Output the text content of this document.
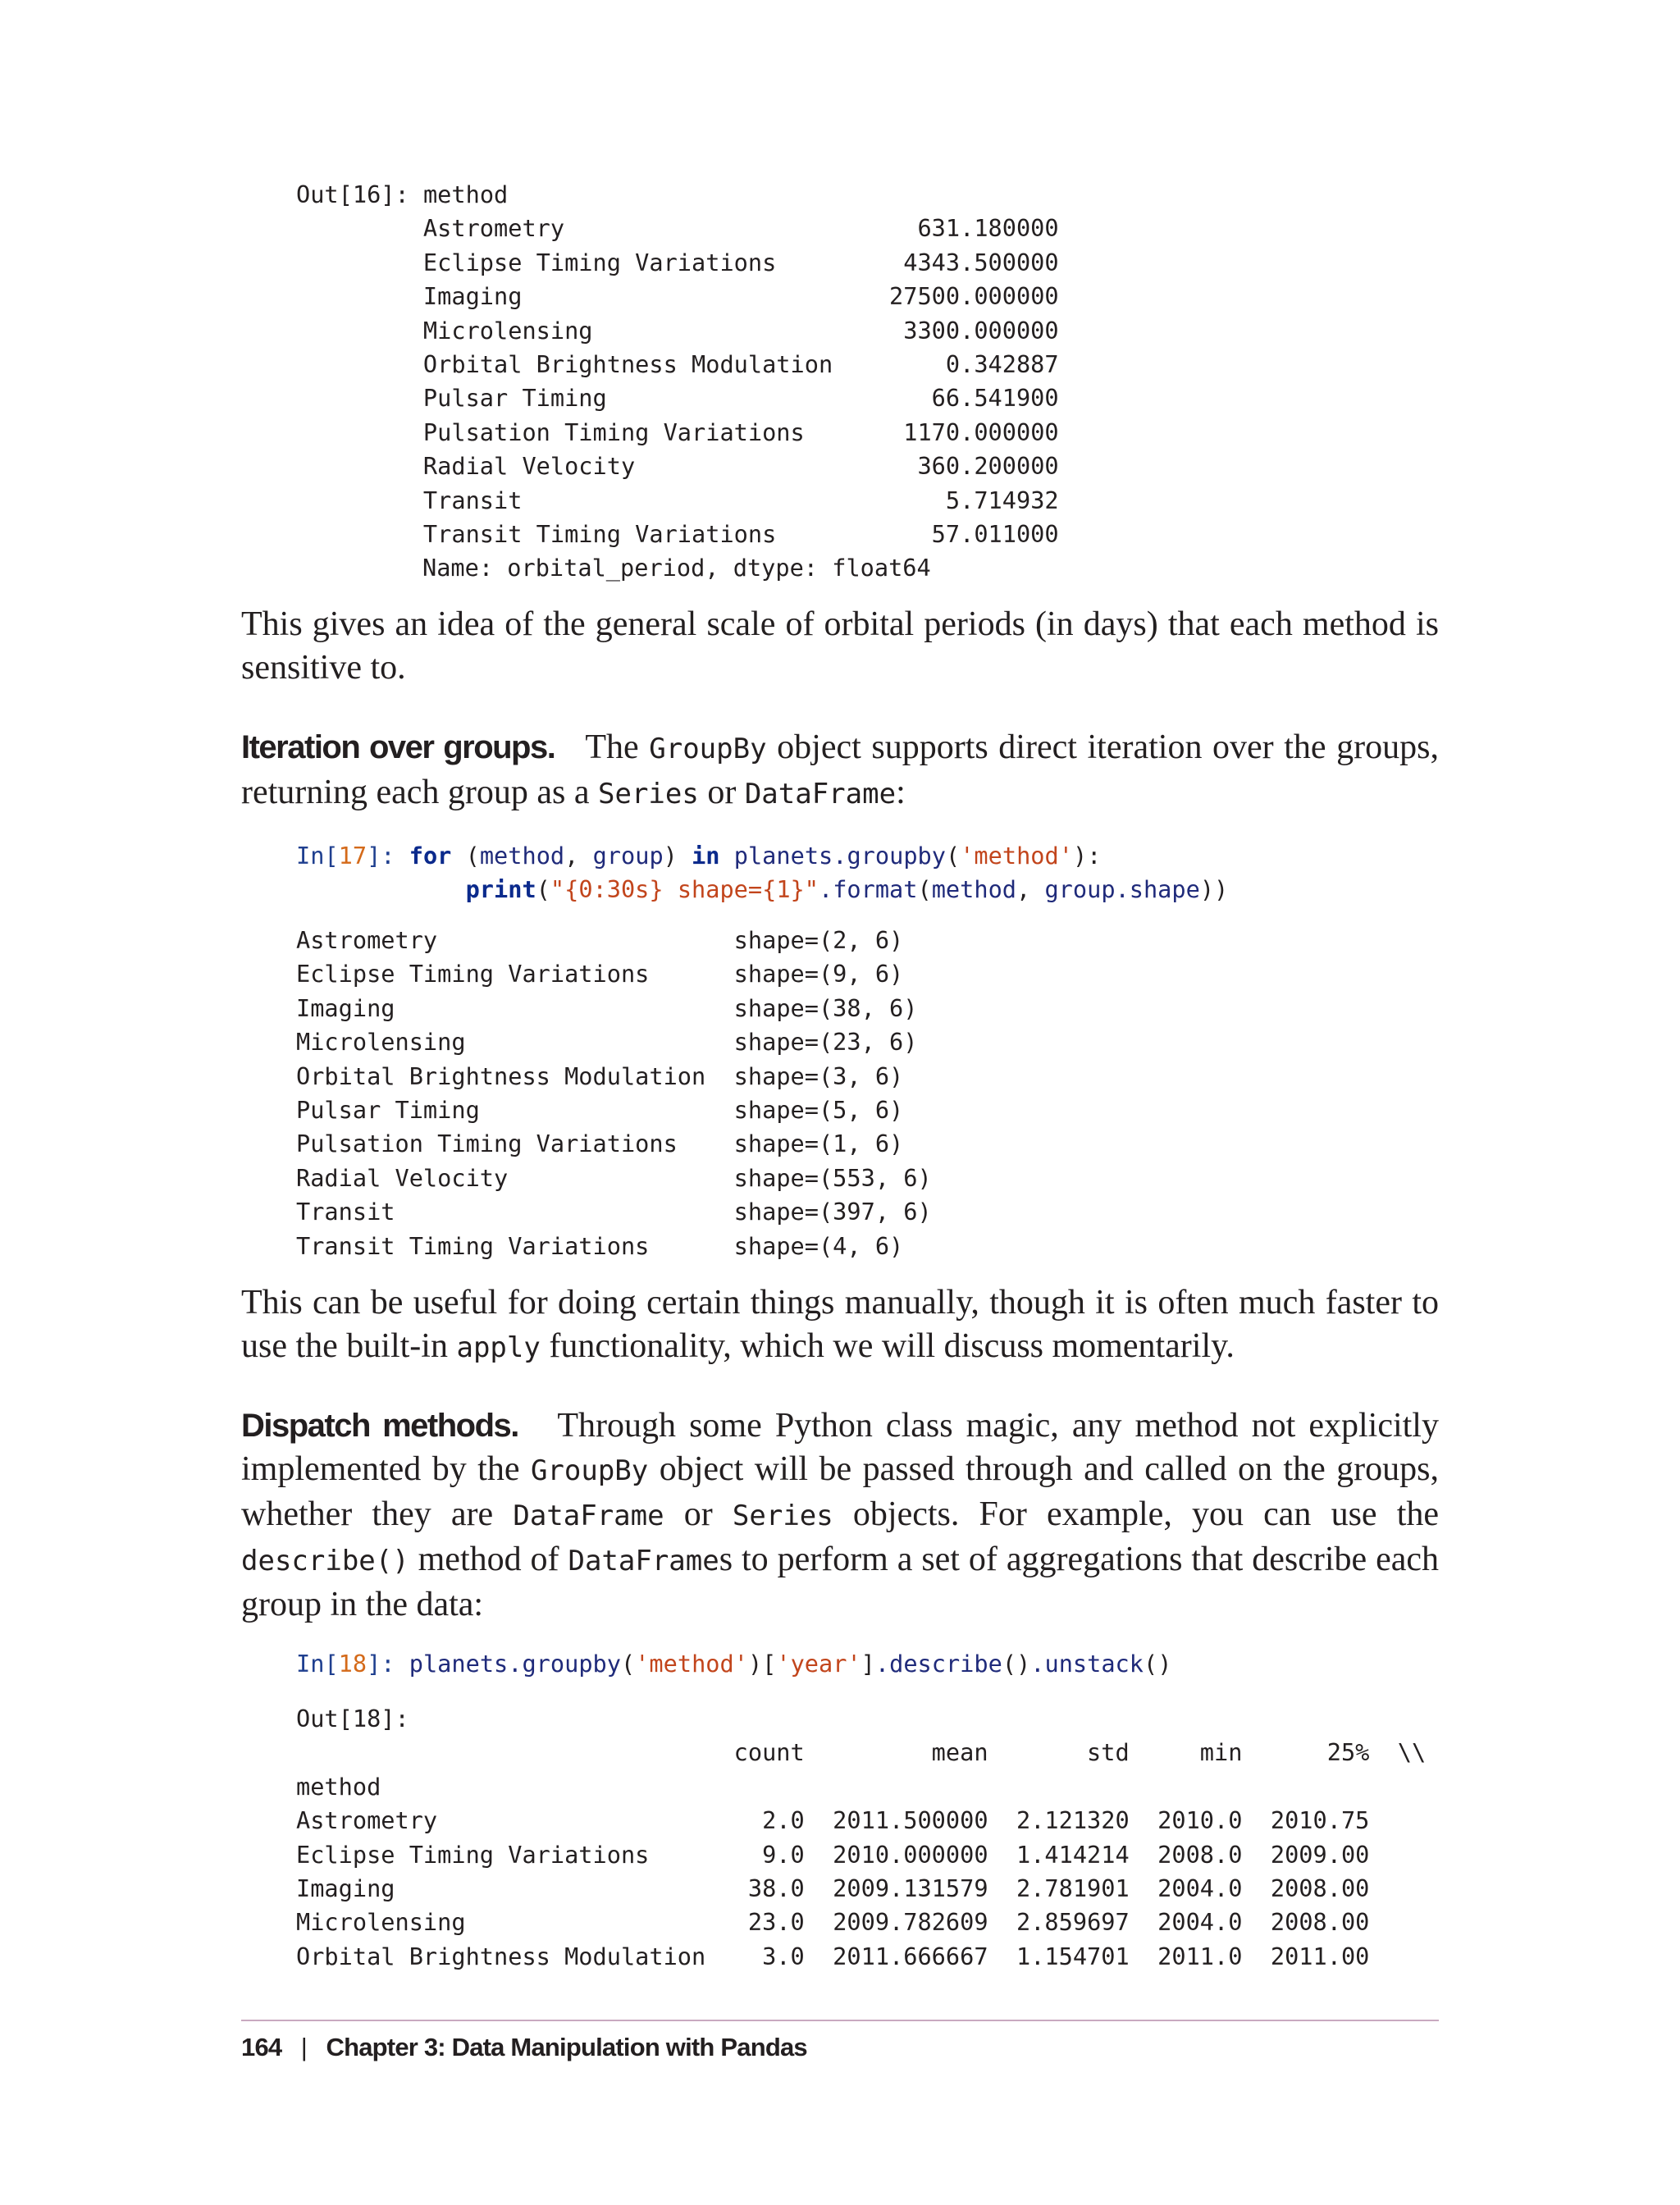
Out[16]: method
Astrometry                         631.180000
Eclipse Timing Variations         4343.500000
Imaging                          27500.000000
Microlensing                      3300.000000
Orbital Brightness Modulation        0.342887
Pulsar Timing                       66.541900
Pulsation Timing Variations       1170.000000
Radial Velocity                    360.200000
Transit                              5.714932
Transit Timing Variations           57.011000
Name: orbital_period, dtype: float64

This gives an idea of the general scale of orbital periods (in days) that each method is sensitive to.

Iteration over groups. The GroupBy object supports direct iteration over the groups, returning each group as a Series or DataFrame:

In[17]: for (method, group) in planets.groupby('method'):
print("{0:30s} shape={1}".format(method, group.shape))
Astrometry                     shape=(2, 6)
Eclipse Timing Variations      shape=(9, 6)
Imaging                        shape=(38, 6)
Microlensing                   shape=(23, 6)
Orbital Brightness Modulation  shape=(3, 6)
Pulsar Timing                  shape=(5, 6)
Pulsation Timing Variations    shape=(1, 6)
Radial Velocity                shape=(553, 6)
Transit                        shape=(397, 6)
Transit Timing Variations      shape=(4, 6)

This can be useful for doing certain things manually, though it is often much faster to use the built-in apply functionality, which we will discuss momentarily.

Dispatch methods. Through some Python class magic, any method not explicitly implemented by the GroupBy object will be passed through and called on the groups, whether they are DataFrame or Series objects. For example, you can use the describe() method of DataFrames to perform a set of aggregations that describe each group in the data:

In[18]: planets.groupby('method')['year'].describe().unstack()
Out[18]:
count         mean       std     min      25%  \\
method
Astrometry                       2.0  2011.500000  2.121320  2010.0  2010.75
Eclipse Timing Variations        9.0  2010.000000  1.414214  2008.0  2009.00
Imaging                         38.0  2009.131579  2.781901  2004.0  2008.00
Microlensing                    23.0  2009.782609  2.859697  2004.0  2008.00
Orbital Brightness Modulation    3.0  2011.666667  1.154701  2011.0  2011.00
164 | Chapter 3: Data Manipulation with Pandas
